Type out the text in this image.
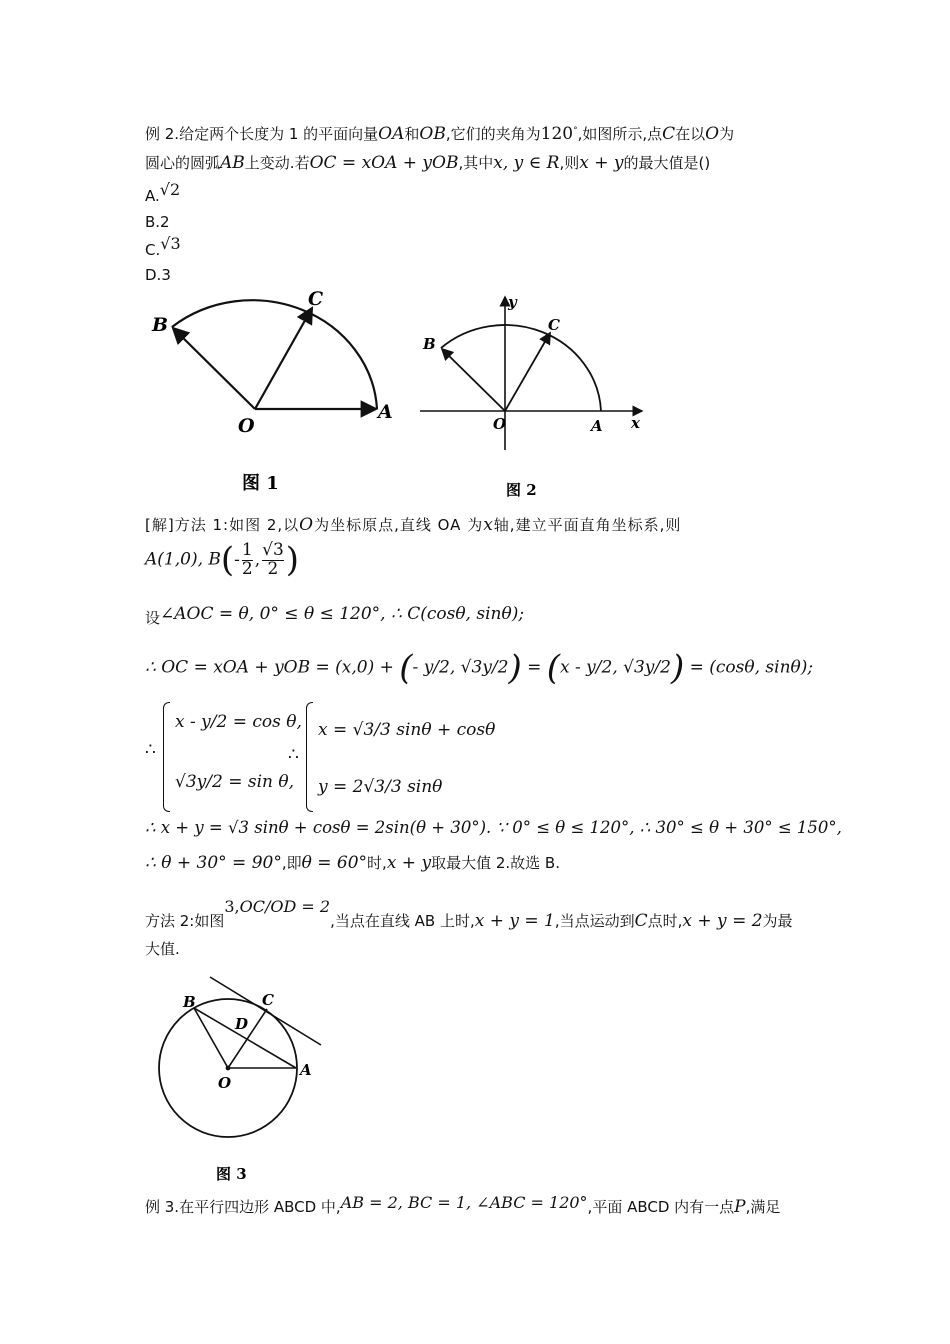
例 2.给定两个长度为 1 的平面向量OA和OB,它们的夹角为120°,如图所示,点C在以O为
圆心的圆弧AB上变动.若OC = xOA + yOB,其中x, y ∈ R,则x + y的最大值是()
A.√2
B.2
C.√3
D.3
B
C
O
A
图 1
y
B
C
O	A x
图 2
[解]方法 1:如图 2,以O为坐标原点,直线 OA 为x轴,建立平面直角坐标系,则
A(1,0), $B(- \frac{1}{2}$ , $\frac{√3}{2}$ )
设∠AOC = θ, 0° ≤ θ ≤ 120°, ∴ C(cosθ, sinθ);
∴ OC = xOA + yOB = (x,0) + (- y/2, √3y/2) = (x - y/2, √3y/2) = (cosθ, sinθ);
∴
x - y/2 = cos θ,
√3y/2 = sin θ,
∴
x = √3/3 sinθ + cosθ
y = 2√3/3 sinθ
∴ x + y = √3 sinθ + cosθ = 2sin(θ + 30°). ∵ 0° ≤ θ ≤ 120°, ∴ 30° ≤ θ + 30° ≤ 150°,
∴ θ + 30° = 90°,即θ = 60°时,x + y取最大值 2.故选 B.
方法 2:如图3,OC/OD = 2,当点在直线 AB 上时,x + y = 1,当点运动到C点时,x + y = 2为最
大值.
B	C
D
O
A
图 3
例 3.在平行四边形 ABCD 中,AB = 2, BC = 1, ∠ABC = 120°,平面 ABCD 内有一点P,满足
